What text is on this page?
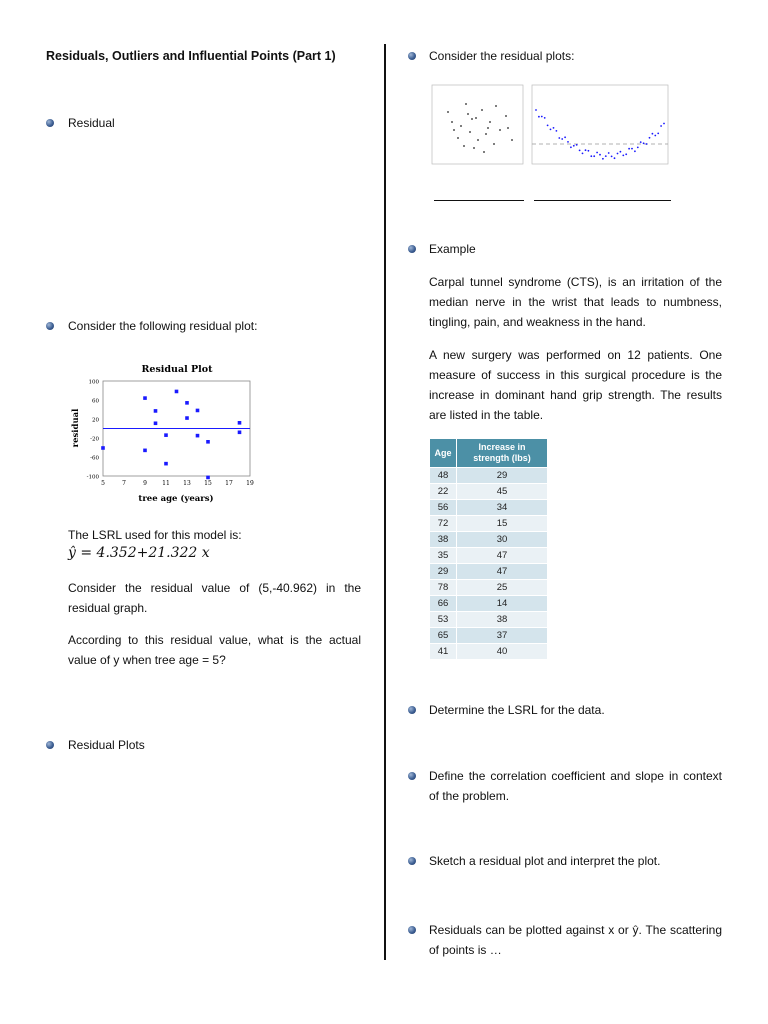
Residuals, Outliers and Influential Points (Part 1)
Residual
Consider the following residual plot:
Residual Plot
100
60
20
-20
-60
-100
5	7	9	11 13 15 17 19
tree age (years)
residual
The LSRL used for this model is:
ŷ = 4.352+21.322 x
Consider the residual value of (5,-40.962) in the residual graph.
According to this residual value, what is the actual value of y when tree age = 5?
Residual Plots
Consider the residual plots:
Example
Carpal tunnel syndrome (CTS), is an irritation of the median nerve in the wrist that leads to numbness, tingling, pain, and weakness in the hand.
A new surgery was performed on 12 patients. One measure of success in this surgical procedure is the increase in dominant hand grip strength. The results are listed in the table.
Age	Increase in strength (lbs)
48	29
22	45
56	34
72	15
38	30
35	47
29	47
78	25
66	14
53	38
65	37
41	40
Determine the LSRL for the data.
Define the correlation coefficient and slope in context of the problem.
Sketch a residual plot and interpret the plot.
Residuals can be plotted against x or ŷ. The scattering of points is …
